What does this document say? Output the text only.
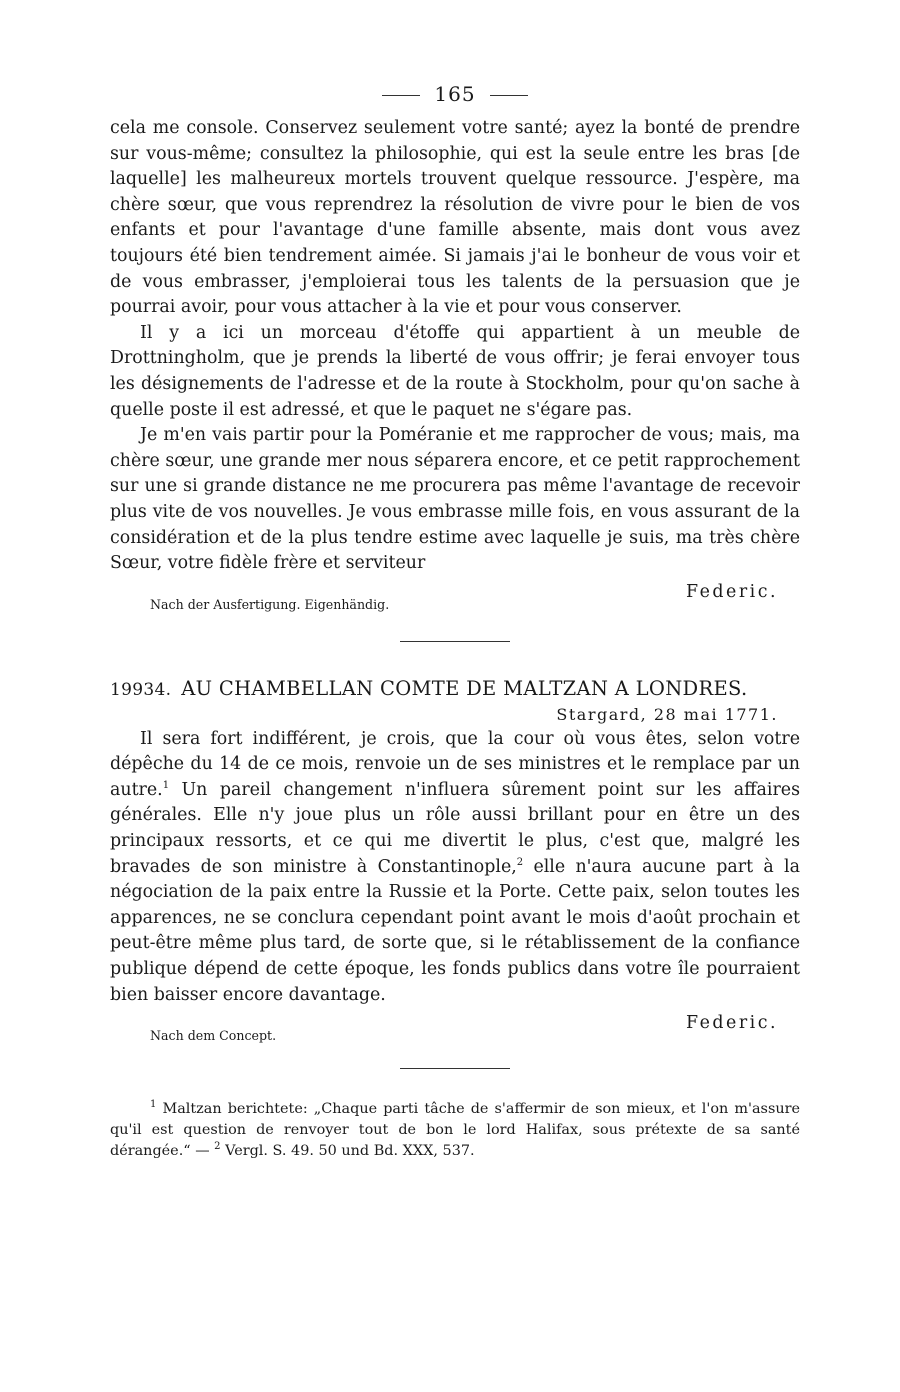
165

cela me console. Conservez seulement votre santé; ayez la bonté de prendre sur vous-même; consultez la philosophie, qui est la seule entre les bras [de laquelle] les malheureux mortels trouvent quelque ressource. J'espère, ma chère sœur, que vous reprendrez la résolution de vivre pour le bien de vos enfants et pour l'avantage d'une famille absente, mais dont vous avez toujours été bien tendrement aimée. Si jamais j'ai le bonheur de vous voir et de vous embrasser, j'emploierai tous les talents de la persuasion que je pourrai avoir, pour vous attacher à la vie et pour vous conserver.

Il y a ici un morceau d'étoffe qui appartient à un meuble de Drottningholm, que je prends la liberté de vous offrir; je ferai envoyer tous les désignements de l'adresse et de la route à Stockholm, pour qu'on sache à quelle poste il est adressé, et que le paquet ne s'égare pas.

Je m'en vais partir pour la Poméranie et me rapprocher de vous; mais, ma chère sœur, une grande mer nous séparera encore, et ce petit rapprochement sur une si grande distance ne me procurera pas même l'avantage de recevoir plus vite de vos nouvelles. Je vous embrasse mille fois, en vous assurant de la considération et de la plus tendre estime avec laquelle je suis, ma très chère Sœur, votre fidèle frère et serviteur

Federic.
Nach der Ausfertigung. Eigenhändig.
19934. AU CHAMBELLAN COMTE DE MALTZAN A LONDRES.
Stargard, 28 mai 1771.

Il sera fort indifférent, je crois, que la cour où vous êtes, selon votre dépêche du 14 de ce mois, renvoie un de ses ministres et le remplace par un autre.$^1$ Un pareil changement n'influera sûrement point sur les affaires générales. Elle n'y joue plus un rôle aussi brillant pour en être un des principaux ressorts, et ce qui me divertit le plus, c'est que, malgré les bravades de son ministre à Constantinople,$^2$ elle n'aura aucune part à la négociation de la paix entre la Russie et la Porte. Cette paix, selon toutes les apparences, ne se conclura cependant point avant le mois d'août prochain et peut-être même plus tard, de sorte que, si le rétablissement de la confiance publique dépend de cette époque, les fonds publics dans votre île pourraient bien baisser encore davantage.

Federic.
Nach dem Concept.

$^1$ Maltzan berichtete: „Chaque parti tâche de s'affermir de son mieux, et l'on m'assure qu'il est question de renvoyer tout de bon le lord Halifax, sous prétexte de sa santé dérangée.“ — $^2$ Vergl. S. 49. 50 und Bd. XXX, 537.
